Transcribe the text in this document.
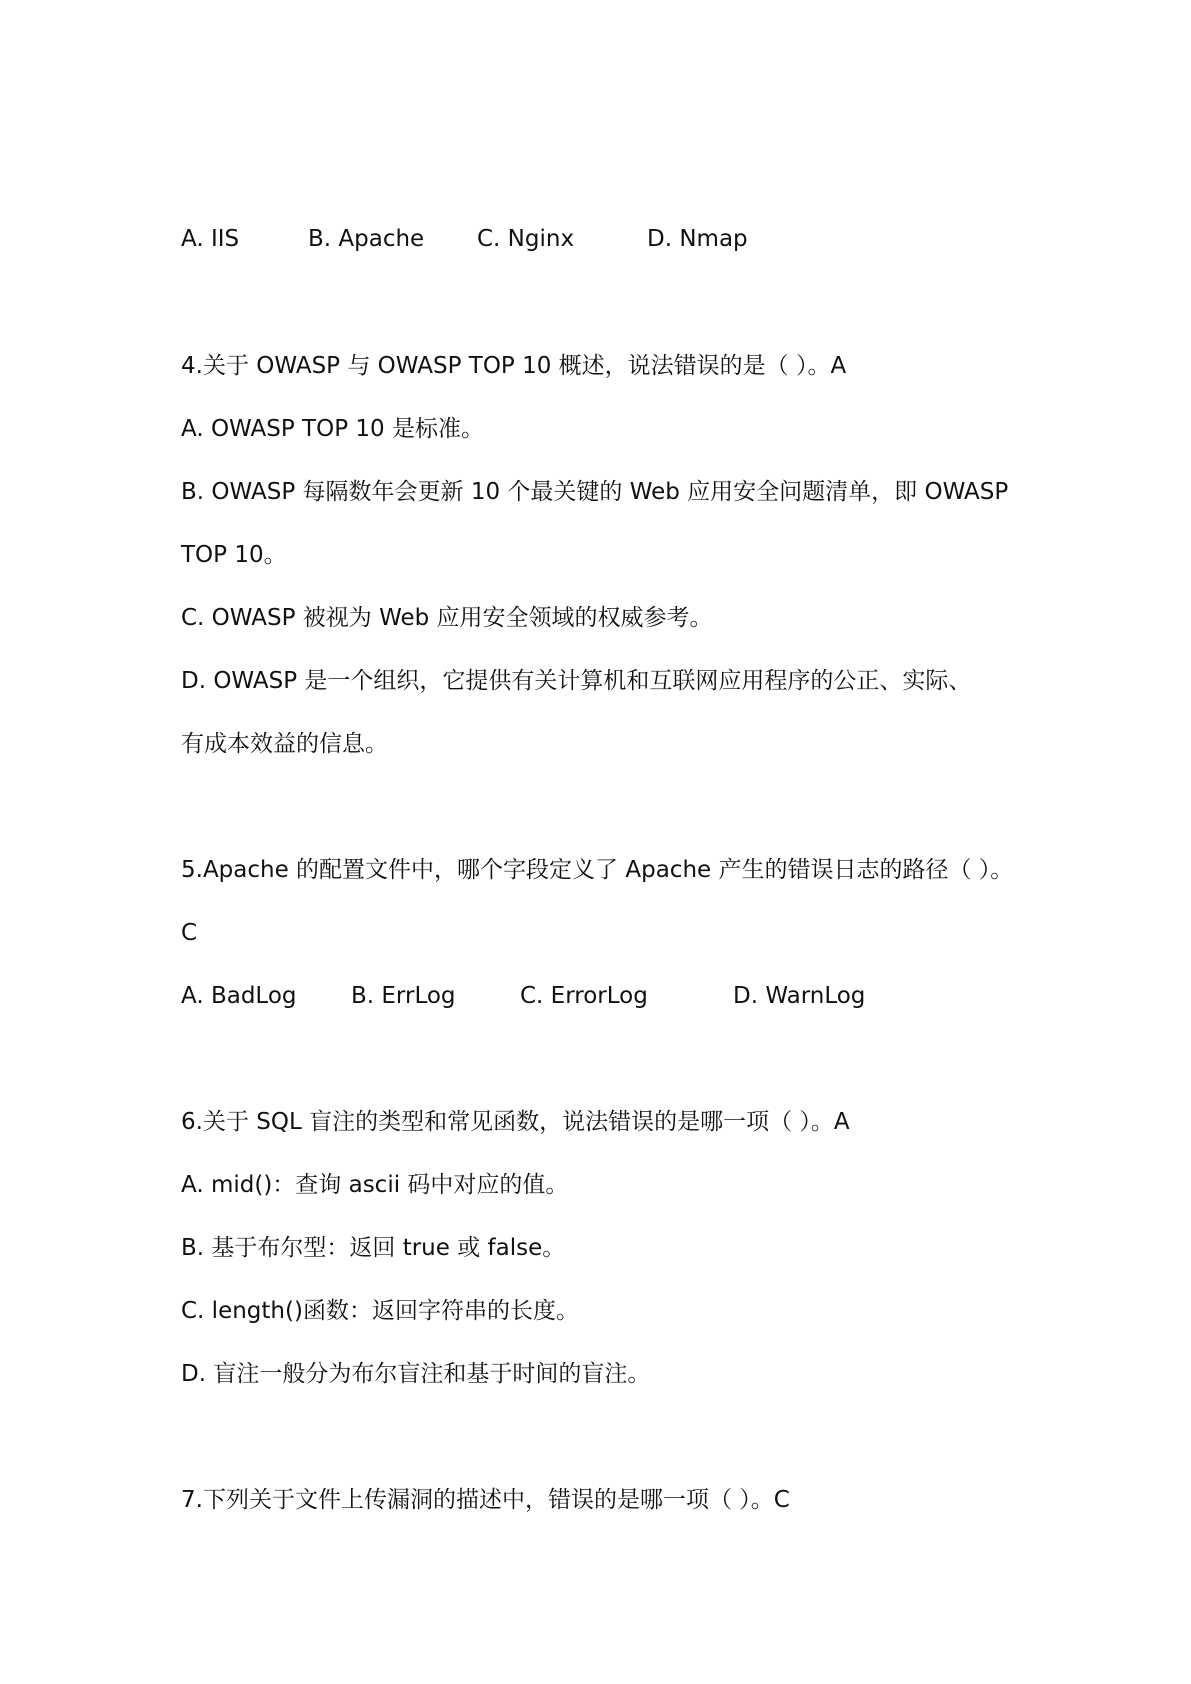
A. IIS	B. Apache C. Nginx	D. Nmap
4.关于 OWASP 与 OWASP TOP 10 概述，说法错误的是（ ）。A
A. OWASP TOP 10 是标准。
B. OWASP 每隔数年会更新 10 个最关键的 Web 应用安全问题清单，即 OWASP
TOP 10。
C. OWASP 被视为 Web 应用安全领域的权威参考。
D. OWASP 是一个组织，它提供有关计算机和互联网应用程序的公正、实际、
有成本效益的信息。
5.Apache 的配置文件中，哪个字段定义了 Apache 产生的错误日志的路径（ ）。
C
A. BadLog B. ErrLog	C. ErrorLog	D. WarnLog
6.关于 SQL 盲注的类型和常见函数，说法错误的是哪一项（ ）。A
A. mid()：查询 ascii 码中对应的值。
B. 基于布尔型：返回 true 或 false。
C. length()函数：返回字符串的长度。
D. 盲注一般分为布尔盲注和基于时间的盲注。
7.下列关于文件上传漏洞的描述中，错误的是哪一项（ ）。C
